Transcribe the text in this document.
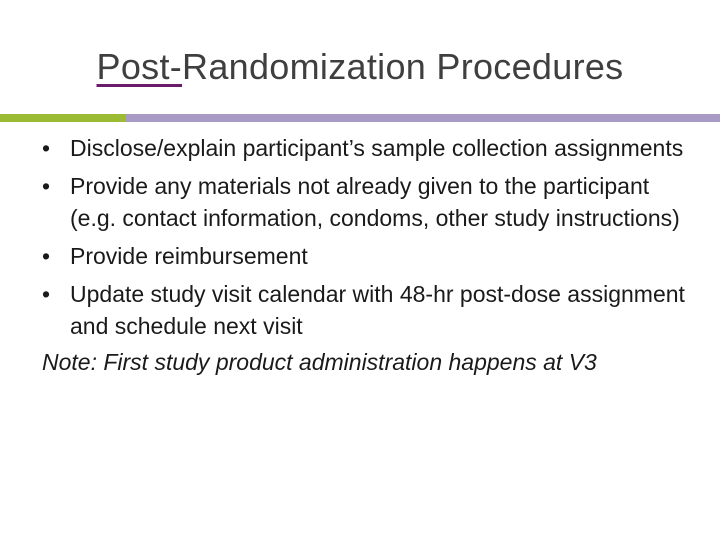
Post-Randomization Procedures
• Disclose/explain participant’s sample collection assignments
• Provide any materials not already given to the participant (e.g. contact information, condoms, other study instructions)
• Provide reimbursement
• Update study visit calendar with 48-hr post-dose assignment and schedule next visit
Note: First study product administration happens at V3
